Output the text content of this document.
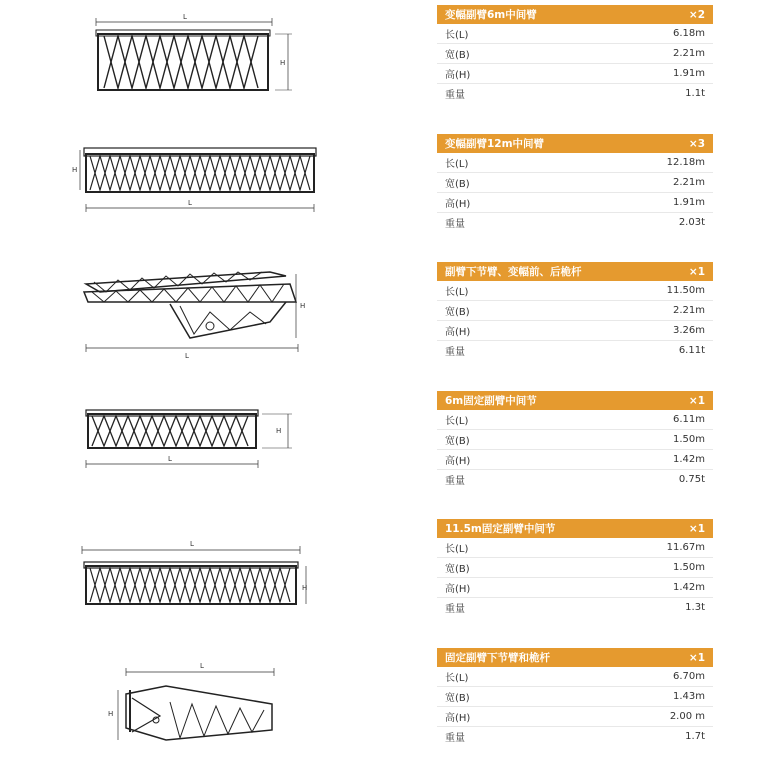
L
H
H
L
L
H
H
L
L
H
L
H
变幅副臂6m中间臂	×2
长(L)	6.18m
宽(B)	2.21m
高(H)	1.91m
重量	1.1t
变幅副臂12m中间臂	×3
长(L)	12.18m
宽(B)	2.21m
高(H)	1.91m
重量	2.03t
副臂下节臂、变幅前、后桅杆	×1
长(L)	11.50m
宽(B)	2.21m
高(H)	3.26m
重量	6.11t
6m固定副臂中间节	×1
长(L)	6.11m
宽(B)	1.50m
高(H)	1.42m
重量	0.75t
11.5m固定副臂中间节	×1
长(L)	11.67m
宽(B)	1.50m
高(H)	1.42m
重量	1.3t
固定副臂下节臂和桅杆	×1
长(L)	6.70m
宽(B)	1.43m
高(H)	2.00 m
重量	1.7t
